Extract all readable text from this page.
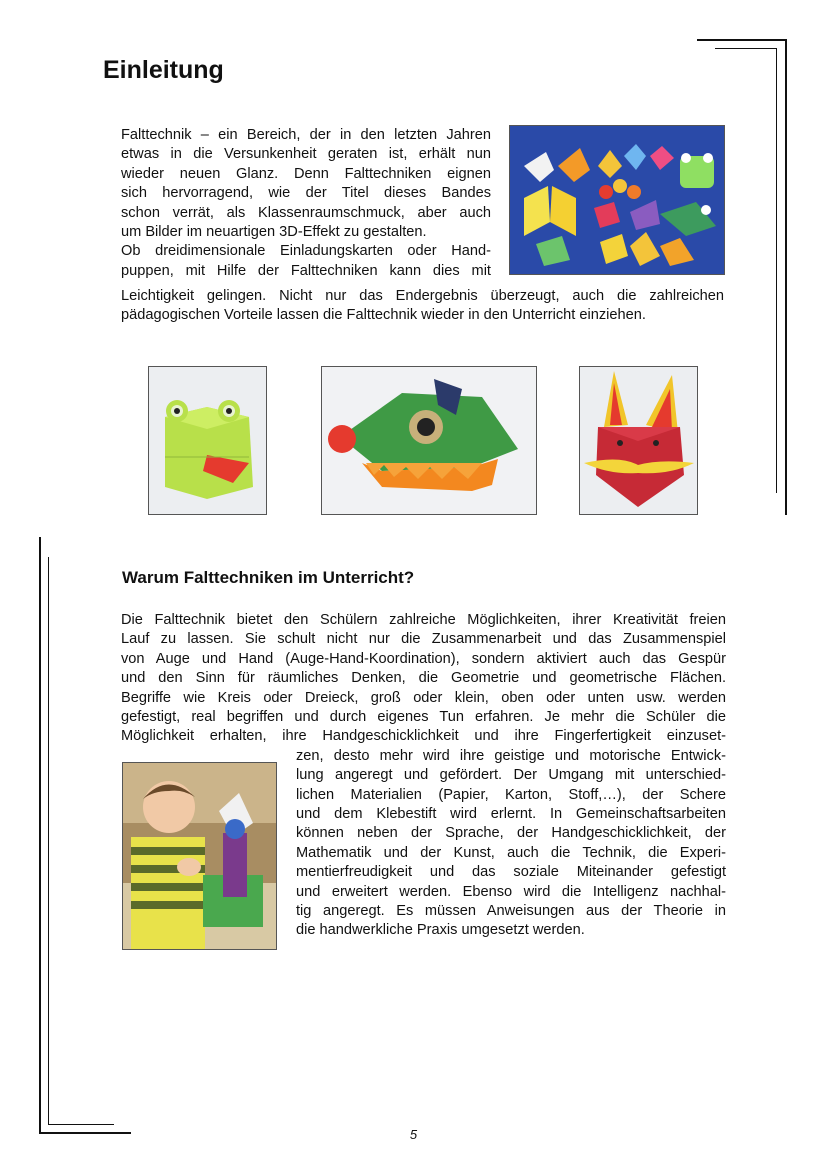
Einleitung

Falttechnik – ein Bereich, der in den letzten Jahren

etwas in die Versunkenheit geraten ist, erhält nun

wieder neuen Glanz. Denn Falttechniken eignen

sich hervorragend, wie der Titel dieses Bandes

schon verrät, als Klassenraumschmuck, aber auch

um Bilder im neuartigen 3D-Effekt zu gestalten.

Ob dreidimensionale Einladungskarten oder Hand-

puppen, mit Hilfe der Falttechniken kann dies mit

Leichtigkeit gelingen. Nicht nur das Endergebnis überzeugt, auch die zahlreichen

pädagogischen Vorteile lassen die Falttechnik wieder in den Unterricht einziehen.

Warum Falttechniken im Unterricht?

Die Falttechnik bietet den Schülern zahlreiche Möglichkeiten, ihrer Kreativität freien

Lauf zu lassen. Sie schult nicht nur die Zusammenarbeit und das Zusammenspiel

von Auge und Hand (Auge-Hand-Koordination), sondern aktiviert auch das Gespür

und den Sinn für räumliches Denken, die Geometrie und geometrische Flächen.

Begriffe wie Kreis oder Dreieck, groß oder klein, oben oder unten usw. werden

gefestigt, real begriffen und durch eigenes Tun erfahren. Je mehr die Schüler die

Möglichkeit erhalten, ihre Handgeschicklichkeit und ihre Fingerfertigkeit einzuset-

zen, desto mehr wird ihre geistige und motorische Entwick-

lung angeregt und gefördert. Der Umgang mit unterschied-

lichen Materialien (Papier, Karton, Stoff,…), der Schere

und dem Klebestift wird erlernt. In Gemeinschaftsarbeiten

können neben der Sprache, der Handgeschicklichkeit, der

Mathematik und der Kunst, auch die Technik, die Experi-

mentierfreudigkeit und das soziale Miteinander gefestigt

und erweitert werden. Ebenso wird die Intelligenz nachhal-

tig angeregt. Es müssen Anweisungen aus der Theorie in

die handwerkliche Praxis umgesetzt werden.

5
